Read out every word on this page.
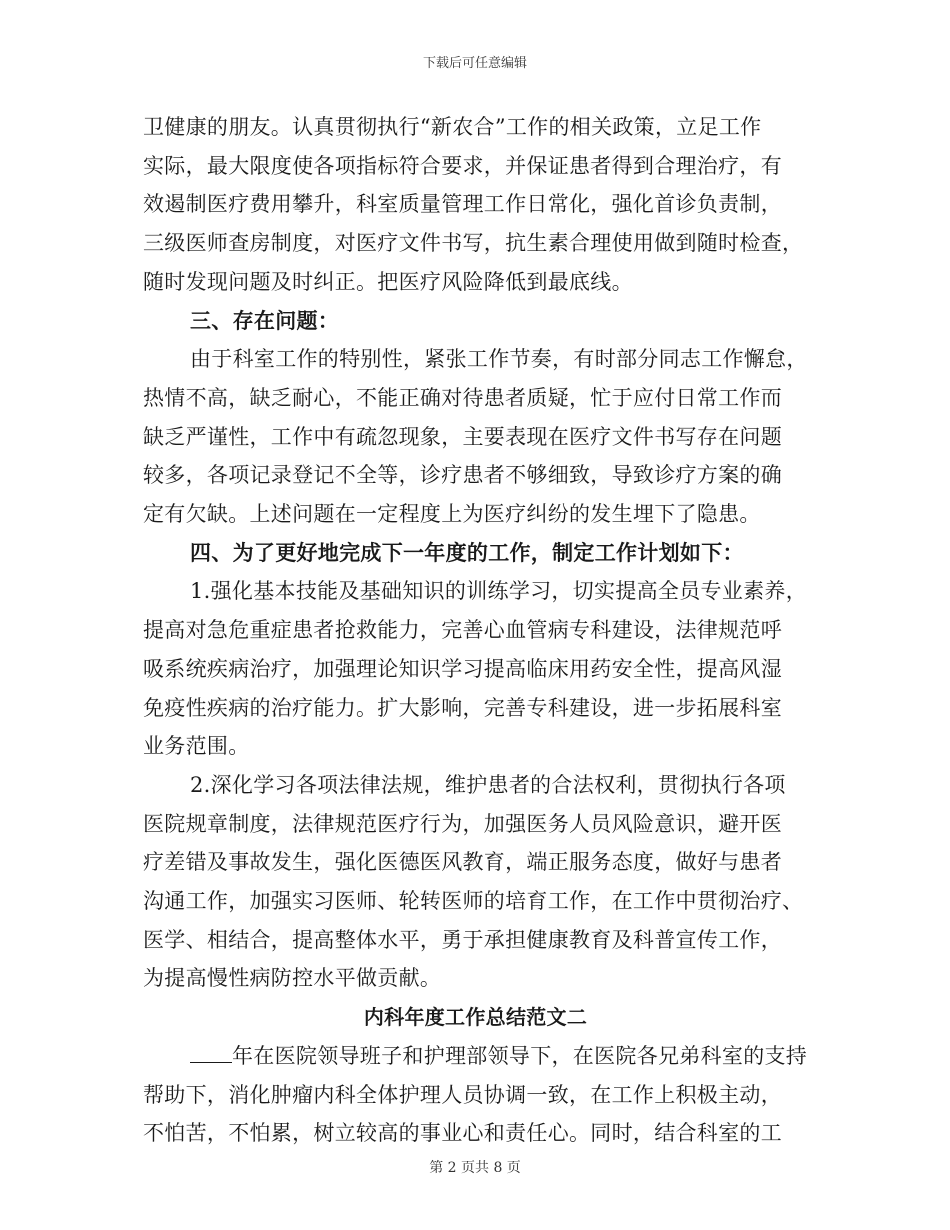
下载后可任意编辑
卫健康的朋友。认真贯彻执行“新农合”工作的相关政策，立足工作
实际，最大限度使各项指标符合要求，并保证患者得到合理治疗，有
效遏制医疗费用攀升，科室质量管理工作日常化，强化首诊负责制，
三级医师查房制度，对医疗文件书写，抗生素合理使用做到随时检查，
随时发现问题及时纠正。把医疗风险降低到最底线。
三、存在问题：
由于科室工作的特别性，紧张工作节奏，有时部分同志工作懈怠，
热情不高，缺乏耐心，不能正确对待患者质疑，忙于应付日常工作而
缺乏严谨性，工作中有疏忽现象，主要表现在医疗文件书写存在问题
较多，各项记录登记不全等，诊疗患者不够细致，导致诊疗方案的确
定有欠缺。上述问题在一定程度上为医疗纠纷的发生埋下了隐患。
四、为了更好地完成下一年度的工作，制定工作计划如下：
1.强化基本技能及基础知识的训练学习，切实提高全员专业素养，
提高对急危重症患者抢救能力，完善心血管病专科建设，法律规范呼
吸系统疾病治疗，加强理论知识学习提高临床用药安全性，提高风湿
免疫性疾病的治疗能力。扩大影响，完善专科建设，进一步拓展科室
业务范围。
2.深化学习各项法律法规，维护患者的合法权利，贯彻执行各项
医院规章制度，法律规范医疗行为，加强医务人员风险意识，避开医
疗差错及事故发生，强化医德医风教育，端正服务态度，做好与患者
沟通工作，加强实习医师、轮转医师的培育工作，在工作中贯彻治疗、
医学、相结合，提高整体水平，勇于承担健康教育及科普宣传工作，
为提高慢性病防控水平做贡献。
内科年度工作总结范文二
年在医院领导班子和护理部领导下，在医院各兄弟科室的支持
帮助下，消化肿瘤内科全体护理人员协调一致，在工作上积极主动，
不怕苦，不怕累，树立较高的事业心和责任心。同时，结合科室的工
第 2 页共 8 页
